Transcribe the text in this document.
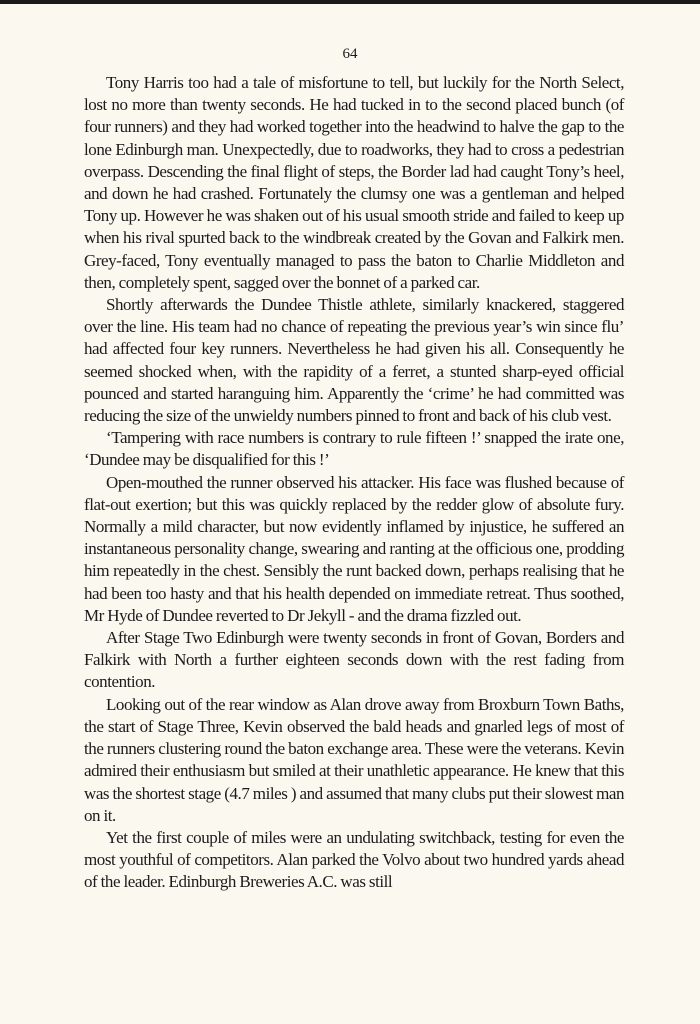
64

Tony Harris too had a tale of misfortune to tell, but luckily for the North Select, lost no more than twenty seconds. He had tucked in to the second placed bunch (of four runners) and they had worked together into the headwind to halve the gap to the lone Edinburgh man. Unexpectedly, due to roadworks, they had to cross a pedestrian overpass. Descending the final flight of steps, the Border lad had caught Tony’s heel, and down he had crashed. Fortunately the clumsy one was a gentleman and helped Tony up. However he was shaken out of his usual smooth stride and failed to keep up when his rival spurted back to the windbreak created by the Govan and Falkirk men. Grey-faced, Tony eventually managed to pass the baton to Charlie Middleton and then, completely spent, sagged over the bonnet of a parked car.

Shortly afterwards the Dundee Thistle athlete, similarly knackered, staggered over the line. His team had no chance of repeating the previous year’s win since flu’ had affected four key runners. Nevertheless he had given his all. Consequently he seemed shocked when, with the rapidity of a ferret, a stunted sharp-eyed official pounced and started haranguing him. Apparently the ‘crime’ he had committed was reducing the size of the unwieldy numbers pinned to front and back of his club vest.

‘Tampering with race numbers is contrary to rule fifteen !’ snapped the irate one, ‘Dundee may be disqualified for this !’

Open-mouthed the runner observed his attacker. His face was flushed because of flat-out exertion; but this was quickly replaced by the redder glow of absolute fury. Normally a mild character, but now evidently inflamed by injustice, he suffered an instantaneous personality change, swearing and ranting at the officious one, prodding him repeatedly in the chest. Sensibly the runt backed down, perhaps realising that he had been too hasty and that his health depended on immediate retreat. Thus soothed, Mr Hyde of Dundee reverted to Dr Jekyll - and the drama fizzled out.

After Stage Two Edinburgh were twenty seconds in front of Govan, Borders and Falkirk with North a further eighteen seconds down with the rest fading from contention.

Looking out of the rear window as Alan drove away from Broxburn Town Baths, the start of Stage Three, Kevin observed the bald heads and gnarled legs of most of the runners clustering round the baton exchange area. These were the veterans. Kevin admired their enthusiasm but smiled at their unathletic appearance. He knew that this was the shortest stage (4.7 miles ) and assumed that many clubs put their slowest man on it.

Yet the first couple of miles were an undulating switchback, testing for even the most youthful of competitors. Alan parked the Volvo about two hundred yards ahead of the leader. Edinburgh Breweries A.C. was still
